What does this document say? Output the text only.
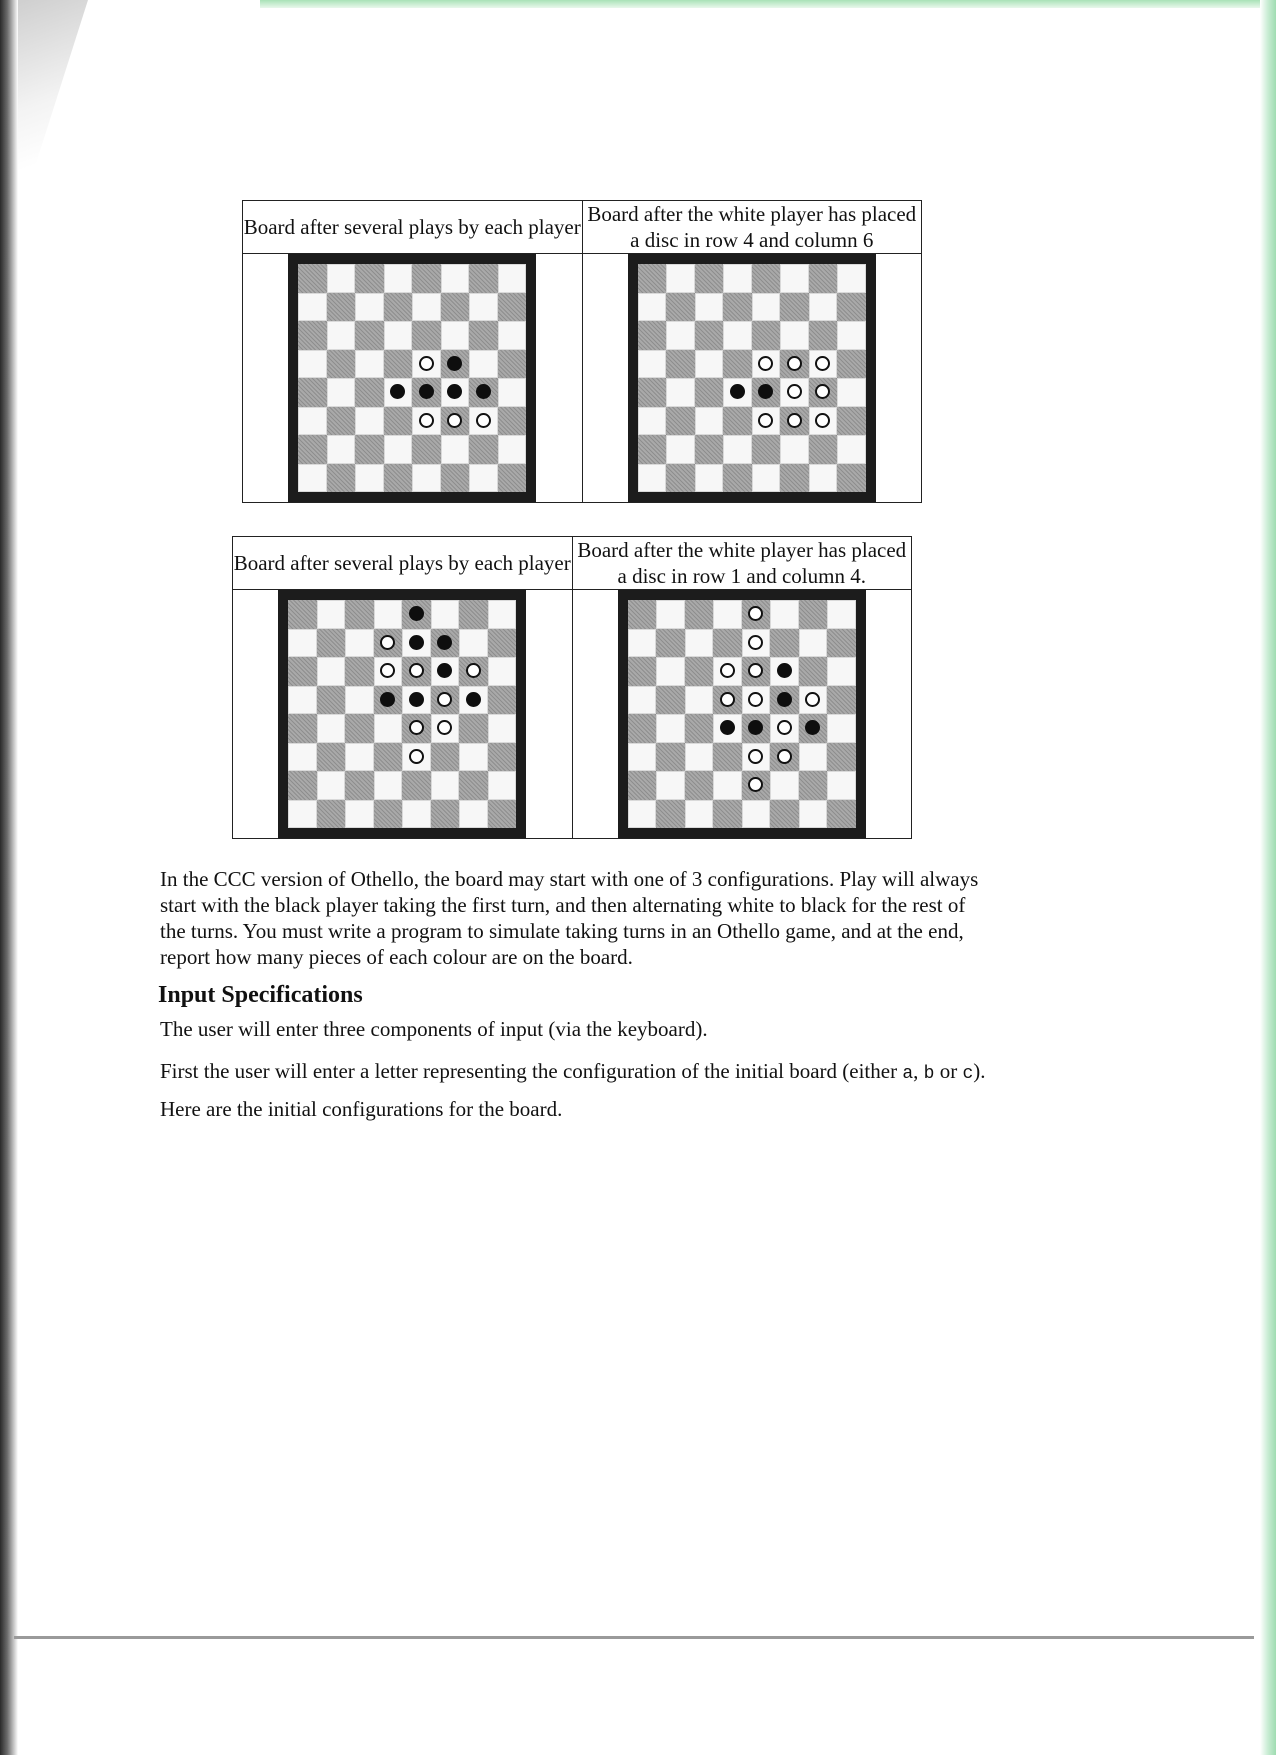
Board after several plays by each player	Board after the white player has placed a disc in row 4 and column 6

Board after several plays by each player	Board after the white player has placed a disc in row 1 and column 4.

In the CCC version of Othello, the board may start with one of 3 configurations. Play will always start with the black player taking the first turn, and then alternating white to black for the rest of the turns. You must write a program to simulate taking turns in an Othello game, and at the end, report how many pieces of each colour are on the board.

Input Specifications

The user will enter three components of input (via the keyboard).

First the user will enter a letter representing the configuration of the initial board (either a, b or c).

Here are the initial configurations for the board.
